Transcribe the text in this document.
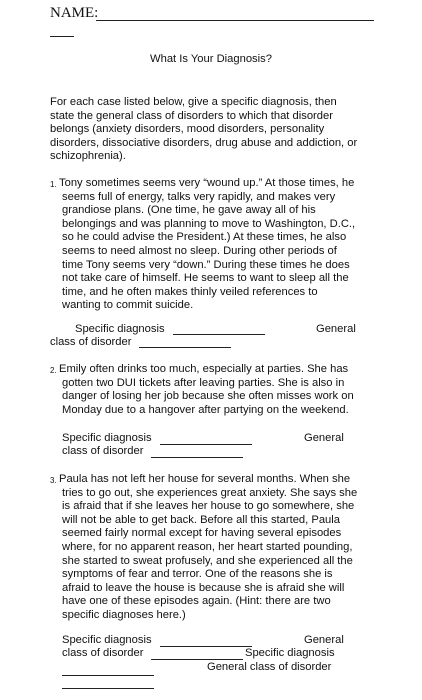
NAME:
What Is Your Diagnosis?
For each case listed below, give a specific diagnosis, then
state the general class of disorders to which that disorder
belongs (anxiety disorders, mood disorders, personality
disorders, dissociative disorders, drug abuse and addiction, or
schizophrenia).
1. Tony sometimes seems very “wound up.” At those times, he
seems full of energy, talks very rapidly, and makes very
grandiose plans. (One time, he gave away all of his
belongings and was planning to move to Washington, D.C.,
so he could advise the President.) At these times, he also
seems to need almost no sleep. During other periods of
time Tony seems very “down.” During these times he does
not take care of himself. He seems to want to sleep all the
time, and he often makes thinly veiled references to
wanting to commit suicide.
Specific diagnosis	General
class of disorder
2. Emily often drinks too much, especially at parties. She has
gotten two DUI tickets after leaving parties. She is also in
danger of losing her job because she often misses work on
Monday due to a hangover after partying on the weekend.
Specific diagnosis	General
class of disorder
3. Paula has not left her house for several months. When she
tries to go out, she experiences great anxiety. She says she
is afraid that if she leaves her house to go somewhere, she
will not be able to get back. Before all this started, Paula
seemed fairly normal except for having several episodes
where, for no apparent reason, her heart started pounding,
she started to sweat profusely, and she experienced all the
symptoms of fear and terror. One of the reasons she is
afraid to leave the house is because she is afraid she will
have one of these episodes again. (Hint: there are two
specific diagnoses here.)
Specific diagnosis	General
class of disorder	Specific diagnosis
General class of disorder
